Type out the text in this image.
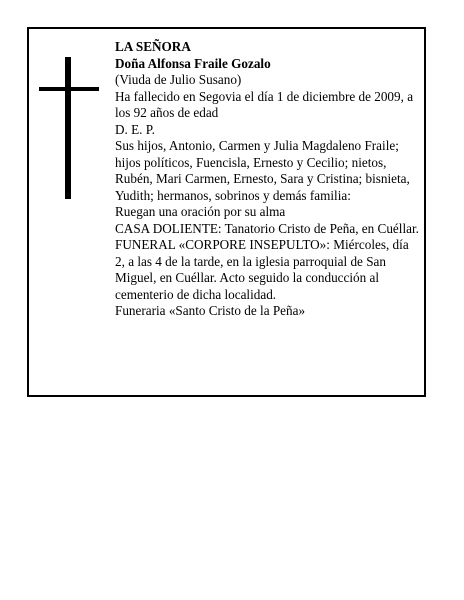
LA SEÑORA
Doña Alfonsa Fraile Gozalo
(Viuda de Julio Susano)
Ha fallecido en Segovia el día 1 de diciembre de 2009, a los 92 años de edad
D. E. P.
Sus hijos, Antonio, Carmen y Julia Magdaleno Fraile; hijos políticos, Fuencisla, Ernesto y Cecilio; nietos, Rubén, Mari Carmen, Ernesto, Sara y Cristina; bisnieta, Yudith; hermanos, sobrinos y demás familia:
Ruegan una oración por su alma
CASA DOLIENTE: Tanatorio Cristo de Peña, en Cuéllar.
FUNERAL «CORPORE INSEPULTO»: Miércoles, día 2, a las 4 de la tarde, en la iglesia parroquial de San Miguel, en Cuéllar. Acto seguido la conducción al cementerio de dicha localidad.
Funeraria «Santo Cristo de la Peña»
